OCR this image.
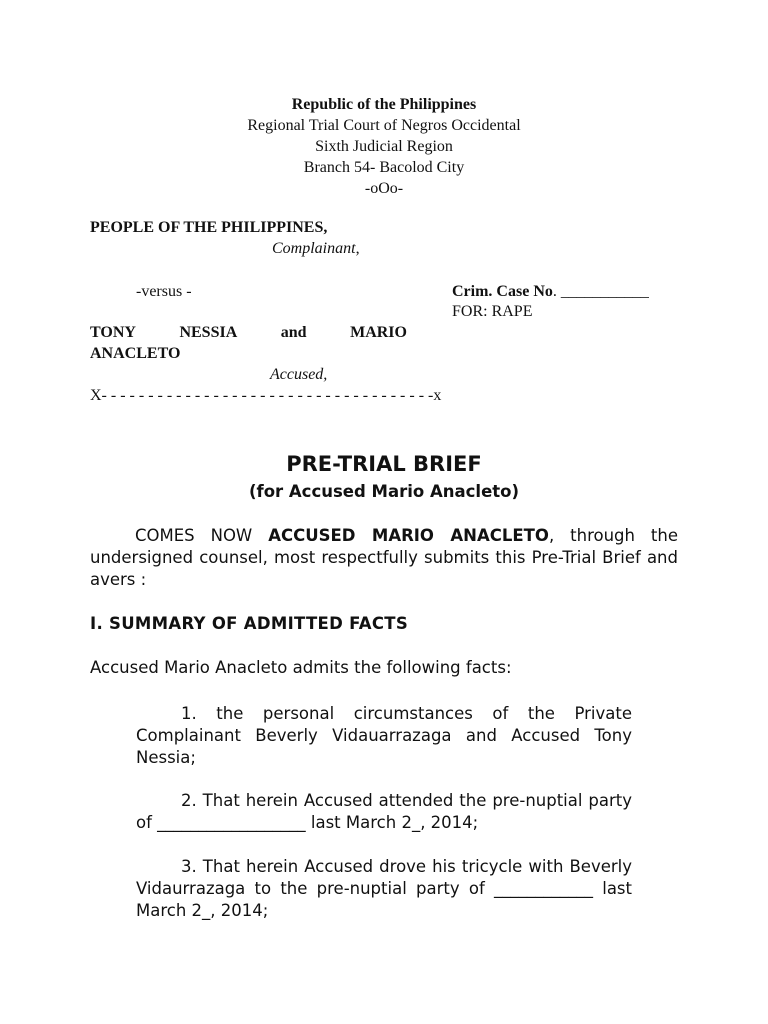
Republic of the Philippines
Regional Trial Court of Negros Occidental
Sixth Judicial Region
Branch 54- Bacolod City
-oOo-
PEOPLE OF THE PHILIPPINES,
Complainant,
-versus -	Crim. Case No. ___________
FOR: RAPE
TONY	NESSIA	and	MARIO
ANACLETO
Accused,
X- - - - - - - - - - - - - - - - - - - - - - - - - - - - - - - - - - - -x
PRE-TRIAL BRIEF
(for Accused Mario Anacleto)
COMES NOW ACCUSED MARIO ANACLETO, through the undersigned counsel, most respectfully submits this Pre-Trial Brief and avers :
I. SUMMARY OF ADMITTED FACTS
Accused Mario Anacleto admits the following facts:
1. the personal circumstances of the Private Complainant Beverly Vidauarrazaga and Accused Tony Nessia;
2. That herein Accused attended the pre-nuptial party of __________________ last March 2_, 2014;
3. That herein Accused drove his tricycle with Beverly Vidaurrazaga to the pre-nuptial party of ____________ last March 2_, 2014;
